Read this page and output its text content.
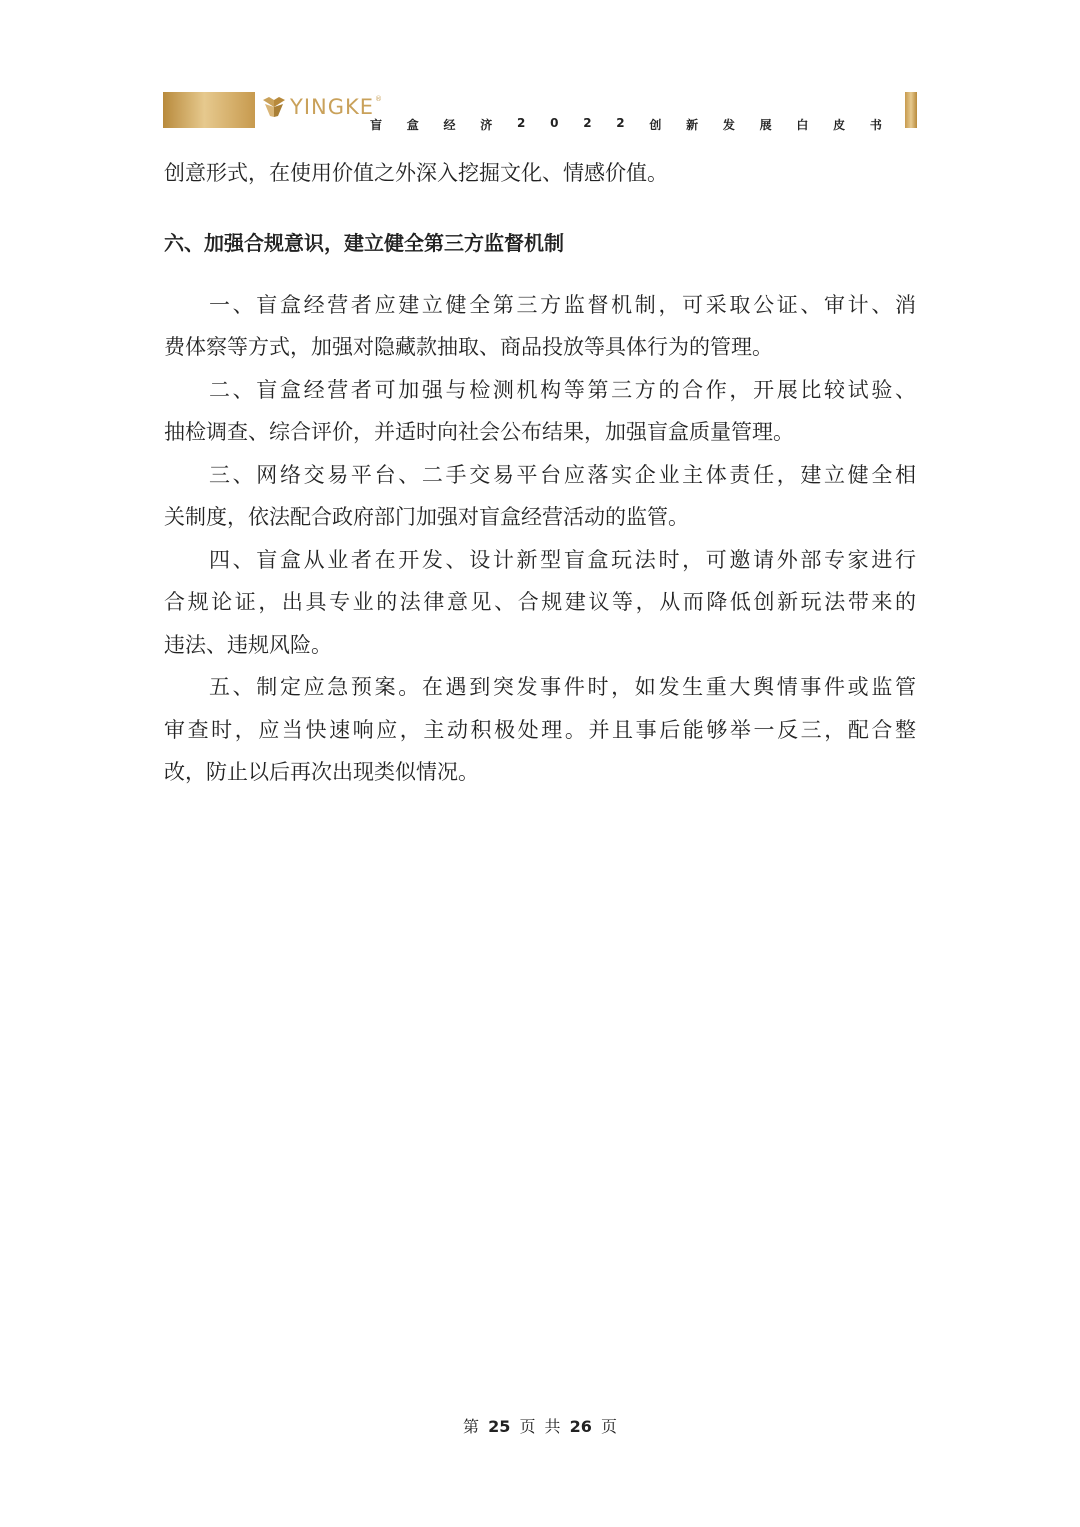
YINGKE ®
盲 盒 经 济 2 0 2 2 创 新 发 展 白 皮 书
创意形式，在使用价值之外深入挖掘文化、情感价值。
六、加强合规意识，建立健全第三方监督机制
一、盲盒经营者应建立健全第三方监督机制，可采取公证、审计、消
费体察等方式，加强对隐藏款抽取、商品投放等具体行为的管理。
二、盲盒经营者可加强与检测机构等第三方的合作，开展比较试验、
抽检调查、综合评价，并适时向社会公布结果，加强盲盒质量管理。
三、网络交易平台、二手交易平台应落实企业主体责任，建立健全相
关制度，依法配合政府部门加强对盲盒经营活动的监管。
四、盲盒从业者在开发、设计新型盲盒玩法时，可邀请外部专家进行
合规论证，出具专业的法律意见、合规建议等，从而降低创新玩法带来的
违法、违规风险。
五、制定应急预案。在遇到突发事件时，如发生重大舆情事件或监管
审查时，应当快速响应，主动积极处理。并且事后能够举一反三，配合整
改，防止以后再次出现类似情况。
第 25 页 共 26 页
